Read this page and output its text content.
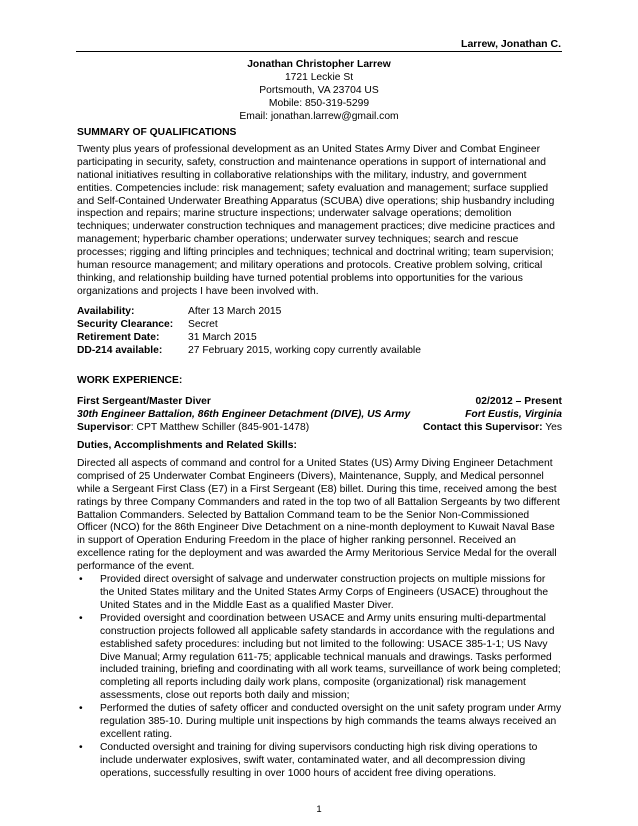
Larrew, Jonathan C.
Jonathan Christopher Larrew
1721 Leckie St
Portsmouth, VA 23704 US
Mobile: 850-319-5299
Email: jonathan.larrew@gmail.com

SUMMARY OF QUALIFICATIONS

Twenty plus years of professional development as an United States Army Diver and Combat Engineer participating in security, safety, construction and maintenance operations in support of international and national initiatives resulting in collaborative relationships with the military, industry, and government entities. Competencies include: risk management; safety evaluation and management; surface supplied and Self-Contained Underwater Breathing Apparatus (SCUBA) dive operations; ship husbandry including inspection and repairs; marine structure inspections; underwater salvage operations; demolition techniques; underwater construction techniques and management practices; dive medicine practices and management; hyperbaric chamber operations; underwater survey techniques; search and rescue processes; rigging and lifting principles and techniques; technical and doctrinal writing; team supervision; human resource management; and military operations and protocols. Creative problem solving, critical thinking, and relationship building have turned potential problems into opportunities for the various organizations and projects I have been involved with.

Availability:	After 13 March 2015
Security Clearance:	Secret
Retirement Date:	31 March 2015
DD-214 available:	27 February 2015, working copy currently available

WORK EXPERIENCE:

First Sergeant/Master Diver	02/2012 – Present
30th Engineer Battalion, 86th Engineer Detachment (DIVE), US Army	Fort Eustis, Virginia
Supervisor: CPT Matthew Schiller (845-901-1478)	Contact this Supervisor: Yes

Duties, Accomplishments and Related Skills:

Directed all aspects of command and control for a United States (US) Army Diving Engineer Detachment comprised of 25 Underwater Combat Engineers (Divers), Maintenance, Supply, and Medical personnel while a Sergeant First Class (E7) in a First Sergeant (E8) billet. During this time, received among the best ratings by three Company Commanders and rated in the top two of all Battalion Sergeants by two different Battalion Commanders. Selected by Battalion Command team to be the Senior Non-Commissioned Officer (NCO) for the 86th Engineer Dive Detachment on a nine-month deployment to Kuwait Naval Base in support of Operation Enduring Freedom in the place of higher ranking personnel. Received an excellence rating for the deployment and was awarded the Army Meritorious Service Medal for the overall performance of the event.

• Provided direct oversight of salvage and underwater construction projects on multiple missions for the United States military and the United States Army Corps of Engineers (USACE) throughout the United States and in the Middle East as a qualified Master Diver.
• Provided oversight and coordination between USACE and Army units ensuring multi-departmental construction projects followed all applicable safety standards in accordance with the regulations and established safety procedures: including but not limited to the following: USACE 385-1-1; US Navy Dive Manual; Army regulation 611-75; applicable technical manuals and drawings. Tasks performed included training, briefing and coordinating with all work teams, surveillance of work being completed; completing all reports including daily work plans, composite (organizational) risk management assessments, close out reports both daily and mission;
• Performed the duties of safety officer and conducted oversight on the unit safety program under Army regulation 385-10. During multiple unit inspections by high commands the teams always received an excellent rating.
• Conducted oversight and training for diving supervisors conducting high risk diving operations to include underwater explosives, swift water, contaminated water, and all decompression diving operations, successfully resulting in over 1000 hours of accident free diving operations.
1
